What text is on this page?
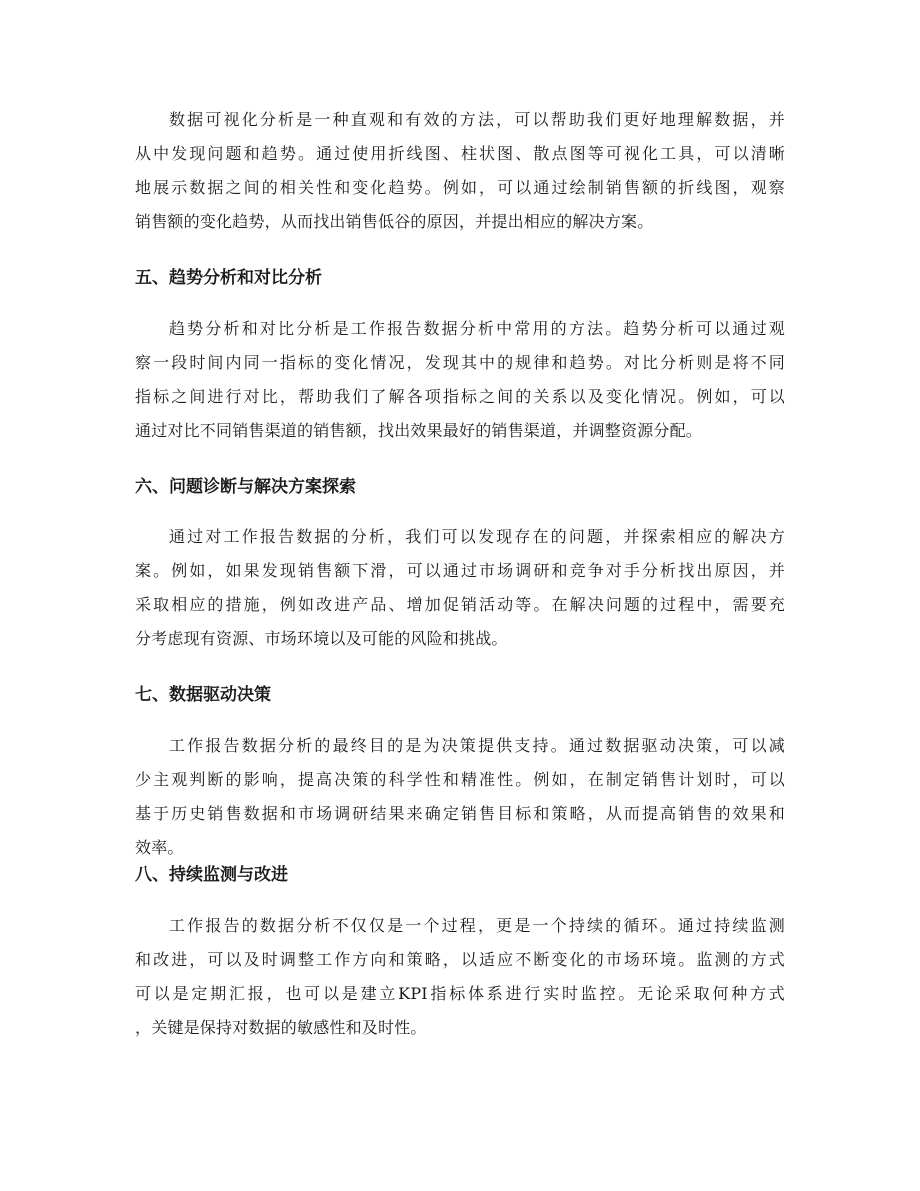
数据可视化分析是一种直观和有效的方法，可以帮助我们更好地理解数据，并
从中发现问题和趋势。通过使用折线图、柱状图、散点图等可视化工具，可以清晰
地展示数据之间的相关性和变化趋势。例如，可以通过绘制销售额的折线图，观察
销售额的变化趋势，从而找出销售低谷的原因，并提出相应的解决方案。
五、趋势分析和对比分析
趋势分析和对比分析是工作报告数据分析中常用的方法。趋势分析可以通过观
察一段时间内同一指标的变化情况，发现其中的规律和趋势。对比分析则是将不同
指标之间进行对比，帮助我们了解各项指标之间的关系以及变化情况。例如，可以
通过对比不同销售渠道的销售额，找出效果最好的销售渠道，并调整资源分配。
六、问题诊断与解决方案探索
通过对工作报告数据的分析，我们可以发现存在的问题，并探索相应的解决方
案。例如，如果发现销售额下滑，可以通过市场调研和竞争对手分析找出原因，并
采取相应的措施，例如改进产品、增加促销活动等。在解决问题的过程中，需要充
分考虑现有资源、市场环境以及可能的风险和挑战。
七、数据驱动决策
工作报告数据分析的最终目的是为决策提供支持。通过数据驱动决策，可以减
少主观判断的影响，提高决策的科学性和精准性。例如，在制定销售计划时，可以
基于历史销售数据和市场调研结果来确定销售目标和策略，从而提高销售的效果和
效率。
八、持续监测与改进
工作报告的数据分析不仅仅是一个过程，更是一个持续的循环。通过持续监测
和改进，可以及时调整工作方向和策略，以适应不断变化的市场环境。监测的方式
可以是定期汇报，也可以是建立KPI指标体系进行实时监控。无论采取何种方式
，关键是保持对数据的敏感性和及时性。
